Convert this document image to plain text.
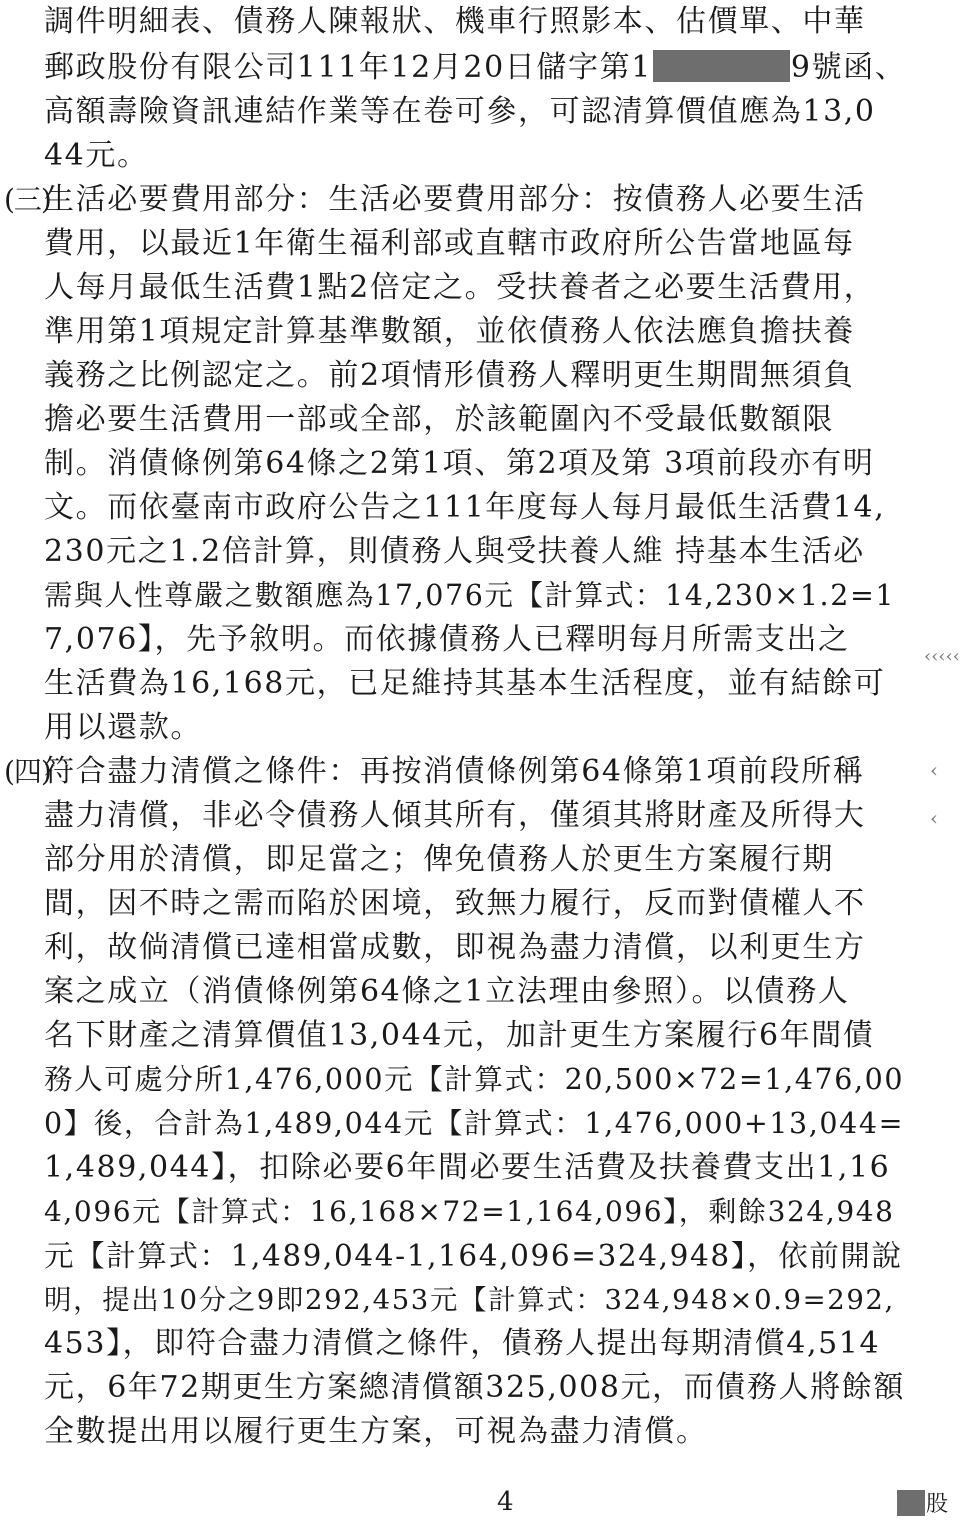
調件明細表、債務人陳報狀、機車行照影本、估價單、中華
郵政股份有限公司111年12月20日儲字第1	9號函、
高額壽險資訊連結作業等在卷可參，可認清算價值應為13,0
44元。
(三)
生活必要費用部分：生活必要費用部分：按債務人必要生活
費用，以最近1年衛生福利部或直轄市政府所公告當地區每
人每月最低生活費1點2倍定之。受扶養者之必要生活費用，
準用第1項規定計算基準數額，並依債務人依法應負擔扶養
義務之比例認定之。前2項情形債務人釋明更生期間無須負
擔必要生活費用一部或全部，於該範圍內不受最低數額限
制。消債條例第64條之2第1項、第2項及第 3項前段亦有明
文。而依臺南市政府公告之111年度每人每月最低生活費14,
230元之1.2倍計算，則債務人與受扶養人維 持基本生活必
需與人性尊嚴之數額應為17,076元【計算式：14,230×1.2=1
7,076】，先予敘明。而依據債務人已釋明每月所需支出之
生活費為16,168元，已足維持其基本生活程度，並有結餘可
用以還款。
(四)
符合盡力清償之條件：再按消債條例第64條第1項前段所稱
盡力清償，非必令債務人傾其所有，僅須其將財產及所得大
部分用於清償，即足當之；俾免債務人於更生方案履行期
間，因不時之需而陷於困境，致無力履行，反而對債權人不
利，故倘清償已達相當成數，即視為盡力清償，以利更生方
案之成立（消債條例第64條之1立法理由參照）。以債務人
名下財產之清算價值13,044元，加計更生方案履行6年間債
務人可處分所1,476,000元【計算式：20,500×72=1,476,00
0】後，合計為1,489,044元【計算式：1,476,000+13,044=
1,489,044】，扣除必要6年間必要生活費及扶養費支出1,16
4,096元【計算式：16,168×72=1,164,096】，剩餘324,948
元【計算式：1,489,044-1,164,096=324,948】，依前開說
明，提出10分之9即292,453元【計算式：324,948×0.9=292,
453】，即符合盡力清償之條件，債務人提出每期清償4,514
元，6年72期更生方案總清償額325,008元，而債務人將餘額
全數提出用以履行更生方案，可視為盡力清償。
‹‹‹‹‹
‹
‹
4	股
